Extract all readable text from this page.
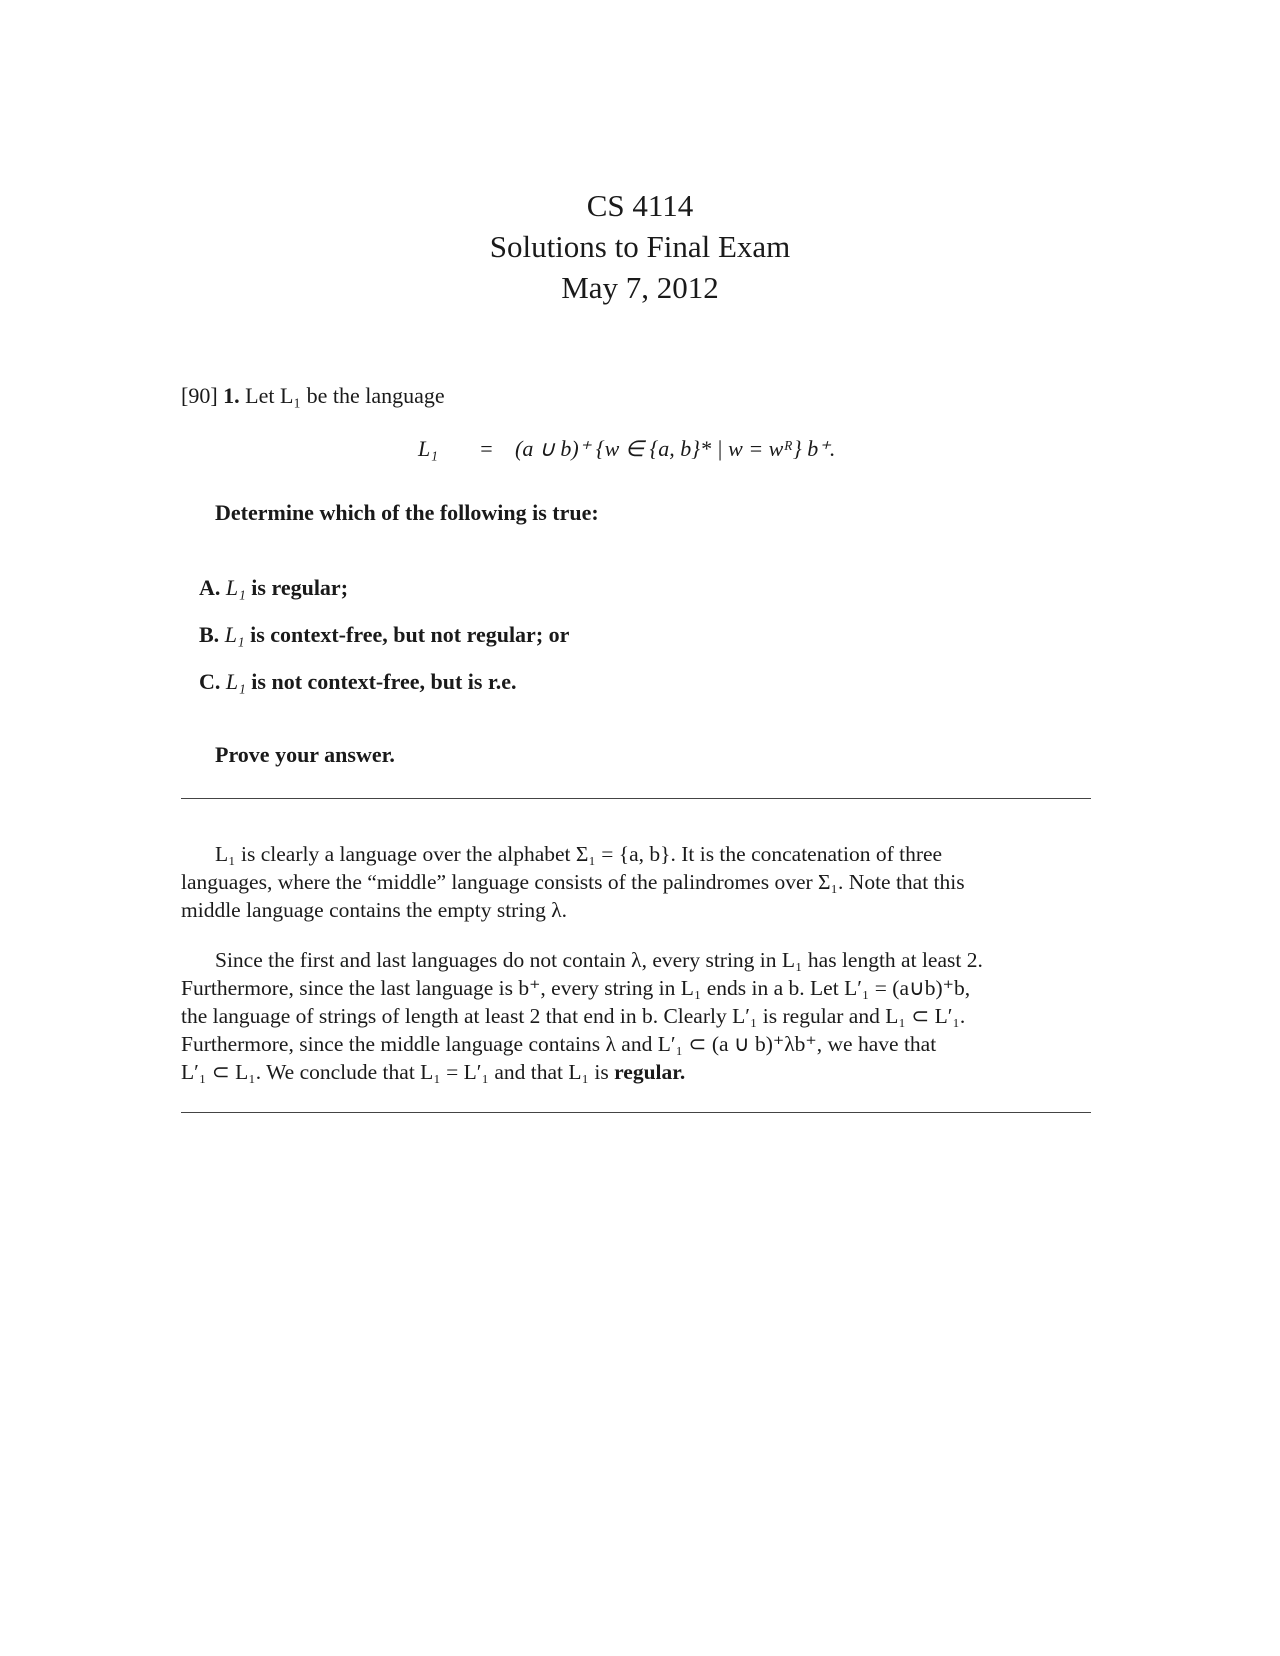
CS 4114
Solutions to Final Exam
May 7, 2012
[90] 1. Let L₁ be the language
L₁ = (a ∪ b)⁺ {w ∈ {a, b}* | w = wᴿ} b⁺.
Determine which of the following is true:
A. L₁ is regular;
B. L₁ is context-free, but not regular; or
C. L₁ is not context-free, but is r.e.
Prove your answer.
L₁ is clearly a language over the alphabet Σ₁ = {a, b}. It is the concatenation of three
languages, where the “middle” language consists of the palindromes over Σ₁. Note that this
middle language contains the empty string λ.
Since the first and last languages do not contain λ, every string in L₁ has length at least 2.
Furthermore, since the last language is b⁺, every string in L₁ ends in a b. Let L′₁ = (a∪b)⁺b,
the language of strings of length at least 2 that end in b. Clearly L′₁ is regular and L₁ ⊂ L′₁.
Furthermore, since the middle language contains λ and L′₁ ⊂ (a ∪ b)⁺λb⁺, we have that
L′₁ ⊂ L₁. We conclude that L₁ = L′₁ and that L₁ is regular.
